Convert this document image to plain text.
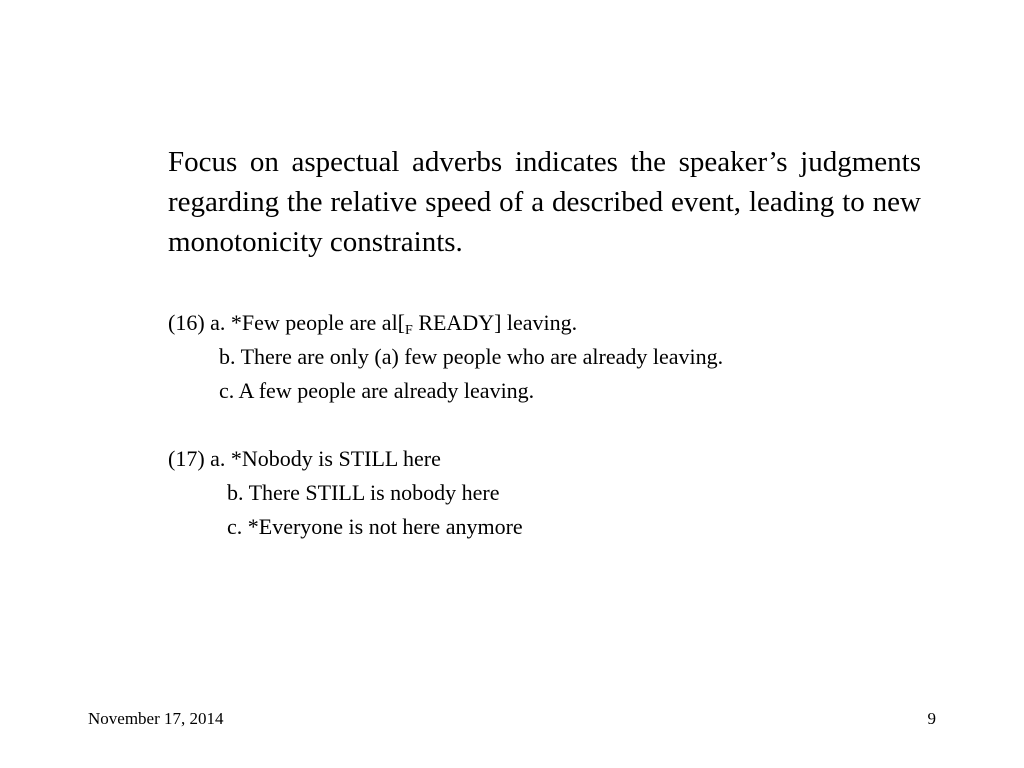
Focus on aspectual adverbs indicates the speaker’s judgments regarding the relative speed of a described event, leading to new monotonicity constraints.

(16) a. *Few people are $al[_F$ READY] leaving.
b. There are only (a) few people who are already leaving.
c. A few people are already leaving.
(17) a. *Nobody is STILL here
b. There STILL is nobody here
c. *Everyone is not here anymore
November 17, 2014	9
